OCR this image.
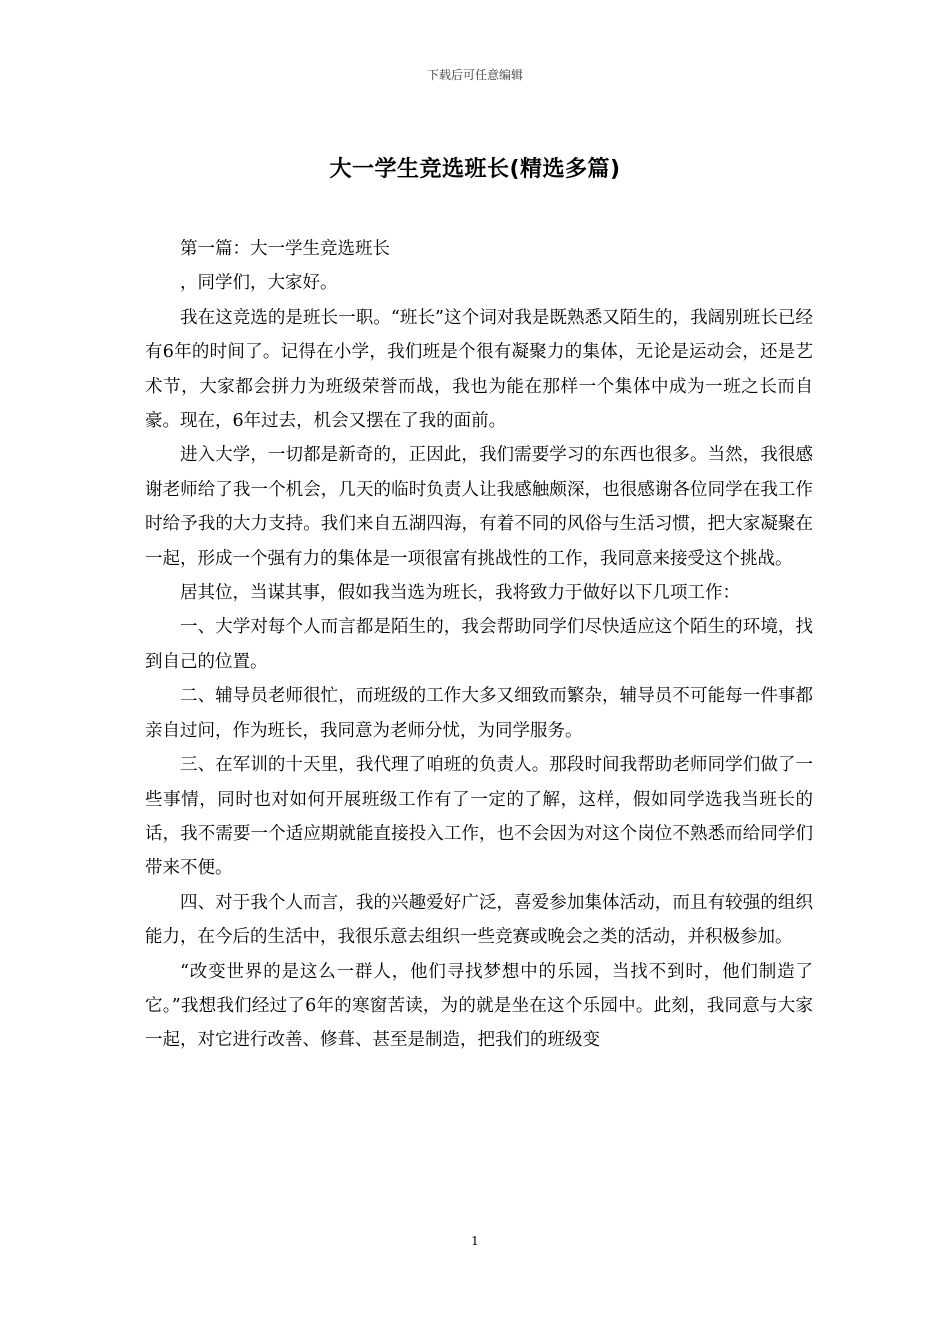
下载后可任意编辑
大一学生竞选班长(精选多篇)

第一篇：大一学生竞选班长

，同学们，大家好。

我在这竞选的是班长一职。“班长”这个词对我是既熟悉又陌生的，我阔别班长已经有6年的时间了。记得在小学，我们班是个很有凝聚力的集体，无论是运动会，还是艺术节，大家都会拼力为班级荣誉而战，我也为能在那样一个集体中成为一班之长而自豪。现在，6年过去，机会又摆在了我的面前。

进入大学，一切都是新奇的，正因此，我们需要学习的东西也很多。当然，我很感谢老师给了我一个机会，几天的临时负责人让我感触颇深，也很感谢各位同学在我工作时给予我的大力支持。我们来自五湖四海，有着不同的风俗与生活习惯，把大家凝聚在一起，形成一个强有力的集体是一项很富有挑战性的工作，我同意来接受这个挑战。

居其位，当谋其事，假如我当选为班长，我将致力于做好以下几项工作：

一、大学对每个人而言都是陌生的，我会帮助同学们尽快适应这个陌生的环境，找到自己的位置。

二、辅导员老师很忙，而班级的工作大多又细致而繁杂，辅导员不可能每一件事都亲自过问，作为班长，我同意为老师分忧，为同学服务。

三、在军训的十天里，我代理了咱班的负责人。那段时间我帮助老师同学们做了一些事情，同时也对如何开展班级工作有了一定的了解，这样，假如同学选我当班长的话，我不需要一个适应期就能直接投入工作，也不会因为对这个岗位不熟悉而给同学们带来不便。

四、对于我个人而言，我的兴趣爱好广泛，喜爱参加集体活动，而且有较强的组织能力，在今后的生活中，我很乐意去组织一些竞赛或晚会之类的活动，并积极参加。

“改变世界的是这么一群人，他们寻找梦想中的乐园，当找不到时，他们制造了它。”我想我们经过了6年的寒窗苦读，为的就是坐在这个乐园中。此刻，我同意与大家一起，对它进行改善、修葺、甚至是制造，把我们的班级变

1
